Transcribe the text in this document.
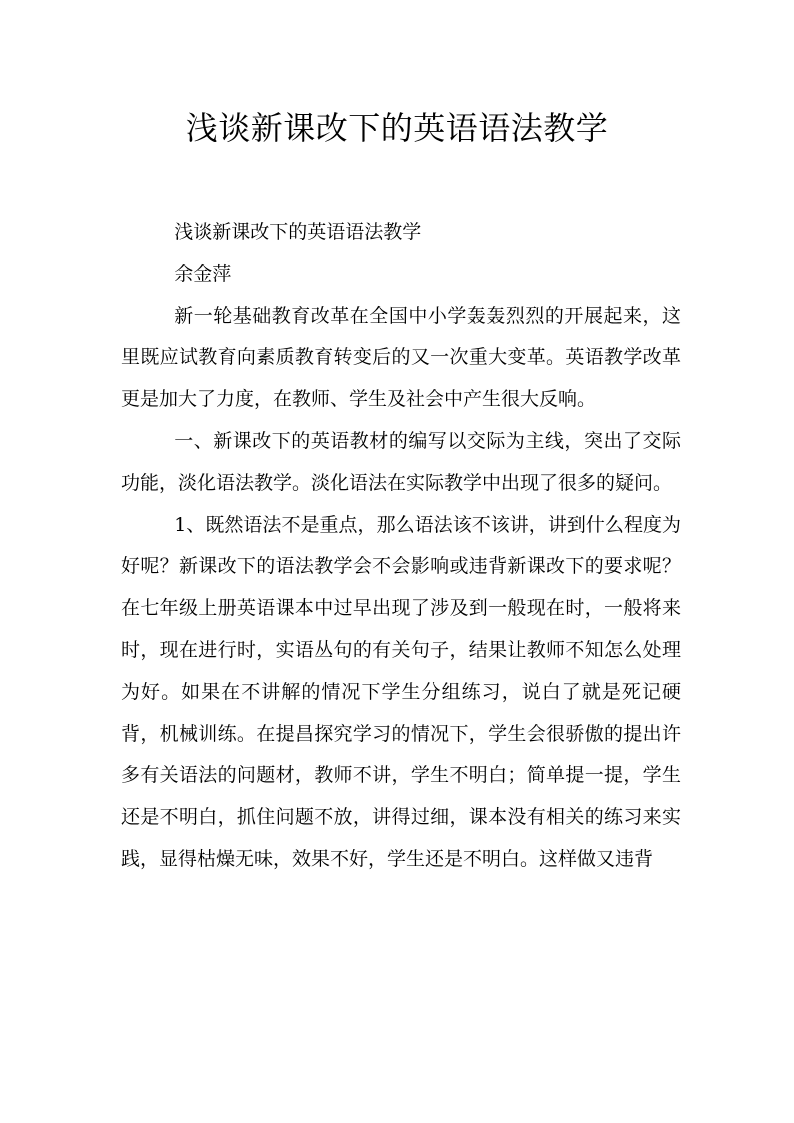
浅谈新课改下的英语语法教学

浅谈新课改下的英语语法教学

余金萍

新一轮基础教育改革在全国中小学轰轰烈烈的开展起来，这里既应试教育向素质教育转变后的又一次重大变革。英语教学改革更是加大了力度，在教师、学生及社会中产生很大反响。

一、新课改下的英语教材的编写以交际为主线，突出了交际功能，淡化语法教学。淡化语法在实际教学中出现了很多的疑问。

1、既然语法不是重点，那么语法该不该讲，讲到什么程度为好呢？新课改下的语法教学会不会影响或违背新课改下的要求呢？在七年级上册英语课本中过早出现了涉及到一般现在时，一般将来时，现在进行时，实语丛句的有关句子，结果让教师不知怎么处理为好。如果在不讲解的情况下学生分组练习，说白了就是死记硬背，机械训练。在提昌探究学习的情况下，学生会很骄傲的提出许多有关语法的问题材，教师不讲，学生不明白；简单提一提，学生还是不明白，抓住问题不放，讲得过细，课本没有相关的练习来实践，显得枯燥无味，效果不好，学生还是不明白。这样做又违背
